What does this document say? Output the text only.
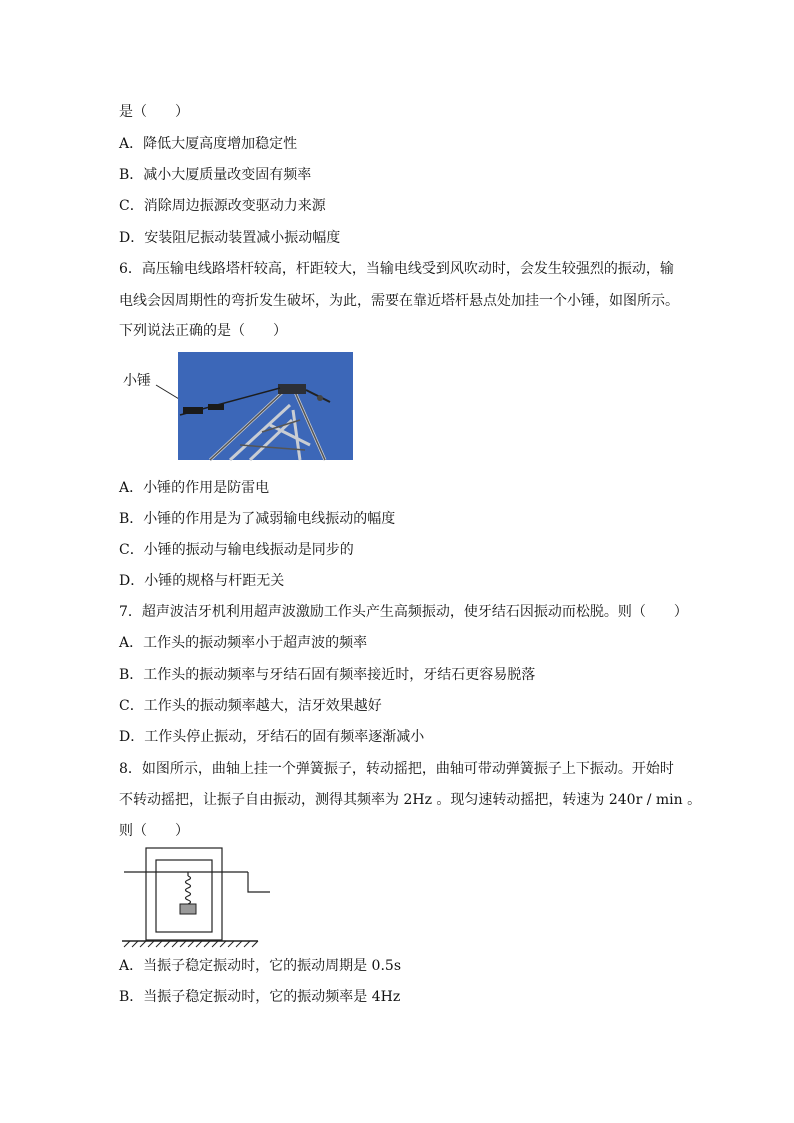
是（　　）
A．降低大厦高度增加稳定性
B．减小大厦质量改变固有频率
C．消除周边振源改变驱动力来源
D．安装阻尼振动装置减小振动幅度
6．高压输电线路塔杆较高，杆距较大，当输电线受到风吹动时，会发生较强烈的振动，输
电线会因周期性的弯折发生破坏，为此，需要在靠近塔杆悬点处加挂一个小锤，如图所示。
下列说法正确的是（　　）
小锤
A．小锤的作用是防雷电
B．小锤的作用是为了减弱输电线振动的幅度
C．小锤的振动与输电线振动是同步的
D．小锤的规格与杆距无关
7．超声波洁牙机利用超声波激励工作头产生高频振动，使牙结石因振动而松脱。则（　　）
A．工作头的振动频率小于超声波的频率
B．工作头的振动频率与牙结石固有频率接近时，牙结石更容易脱落
C．工作头的振动频率越大，洁牙效果越好
D．工作头停止振动，牙结石的固有频率逐渐减小
8．如图所示，曲轴上挂一个弹簧振子，转动摇把，曲轴可带动弹簧振子上下振动。开始时
不转动摇把，让振子自由振动，测得其频率为 2Hz 。现匀速转动摇把，转速为 240r / min 。
则（　　）
A．当振子稳定振动时，它的振动周期是 0.5s
B．当振子稳定振动时，它的振动频率是 4Hz
